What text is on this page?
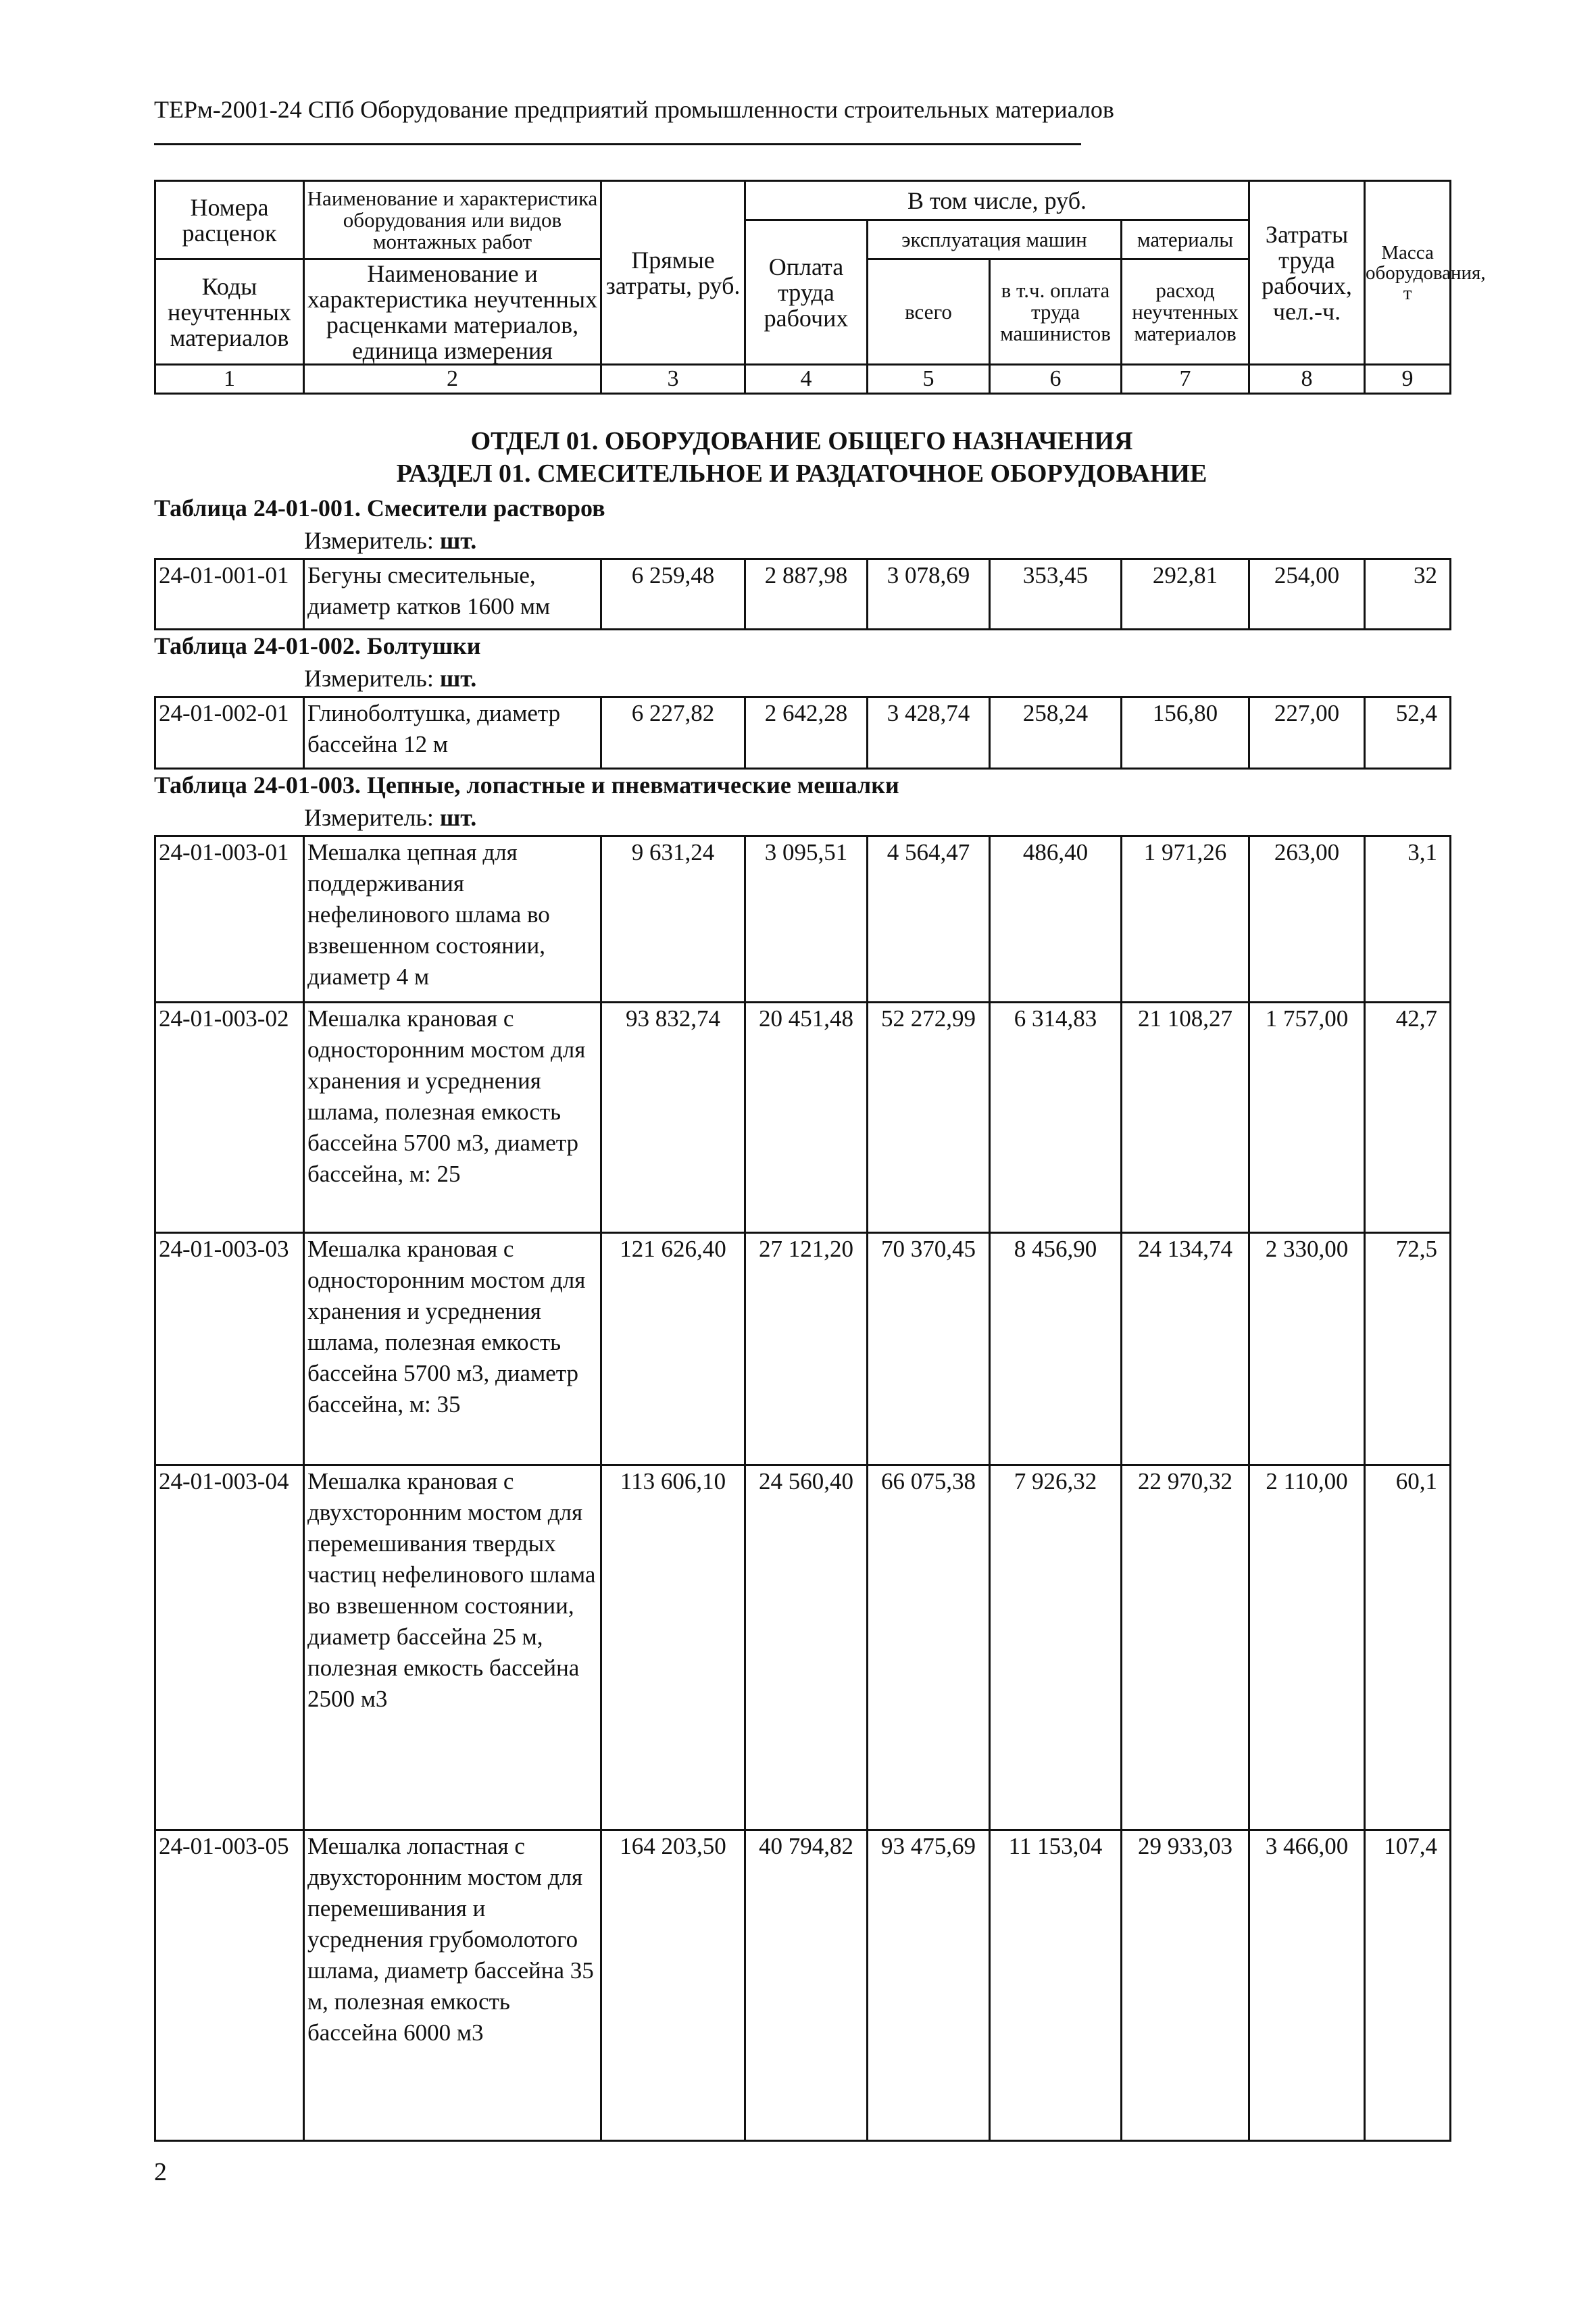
ТЕРм-2001-24 СПб Оборудование предприятий промышленности строительных материалов
Номера расценок	Наименование и характеристика оборудования или видов монтажных работ	Прямые затраты, руб.	В том числе, руб.				Затраты труда рабочих, чел.-ч.	Масса оборудования, т
			Оплата труда рабочих	эксплуатация машин		материалы		
Коды неучтенных материалов	Наименование и характеристика неучтенных расценками материалов, единица измерения			всего	в т.ч. оплата труда машинистов	расход неучтенных материалов		
1	2	3	4	5	6	7	8	9
ОТДЕЛ 01. ОБОРУДОВАНИЕ ОБЩЕГО НАЗНАЧЕНИЯ
РАЗДЕЛ 01. СМЕСИТЕЛЬНОЕ И РАЗДАТОЧНОЕ ОБОРУДОВАНИЕ
Таблица 24-01-001. Смесители растворов
Измеритель: шт.
24-01-001-01	Бегуны смесительные, диаметр катков 1600 мм	6 259,48	2 887,98	3 078,69	353,45	292,81	254,00	32
Таблица 24-01-002. Болтушки
Измеритель: шт.
24-01-002-01	Глиноболтушка, диаметр бассейна 12 м	6 227,82	2 642,28	3 428,74	258,24	156,80	227,00	52,4
Таблица 24-01-003. Цепные, лопастные и пневматические мешалки
Измеритель: шт.
24-01-003-01	Мешалка цепная для поддерживания нефелинового шлама во взвешенном состоянии, диаметр 4 м	9 631,24	3 095,51	4 564,47	486,40	1 971,26	263,00	3,1
24-01-003-02	Мешалка крановая с односторонним мостом для хранения и усреднения шлама, полезная емкость бассейна 5700 м3, диаметр бассейна, м: 25	93 832,74	20 451,48	52 272,99	6 314,83	21 108,27	1 757,00	42,7
24-01-003-03	Мешалка крановая с односторонним мостом для хранения и усреднения шлама, полезная емкость бассейна 5700 м3, диаметр бассейна, м: 35	121 626,40	27 121,20	70 370,45	8 456,90	24 134,74	2 330,00	72,5
24-01-003-04	Мешалка крановая с двухсторонним мостом для перемешивания твердых частиц нефелинового шлама во взвешенном состоянии, диаметр бассейна 25 м, полезная емкость бассейна 2500 м3	113 606,10	24 560,40	66 075,38	7 926,32	22 970,32	2 110,00	60,1
24-01-003-05	Мешалка лопастная с двухсторонним мостом для перемешивания и усреднения грубомолотого шлама, диаметр бассейна 35 м, полезная емкость бассейна 6000 м3	164 203,50	40 794,82	93 475,69	11 153,04	29 933,03	3 466,00	107,4
2
